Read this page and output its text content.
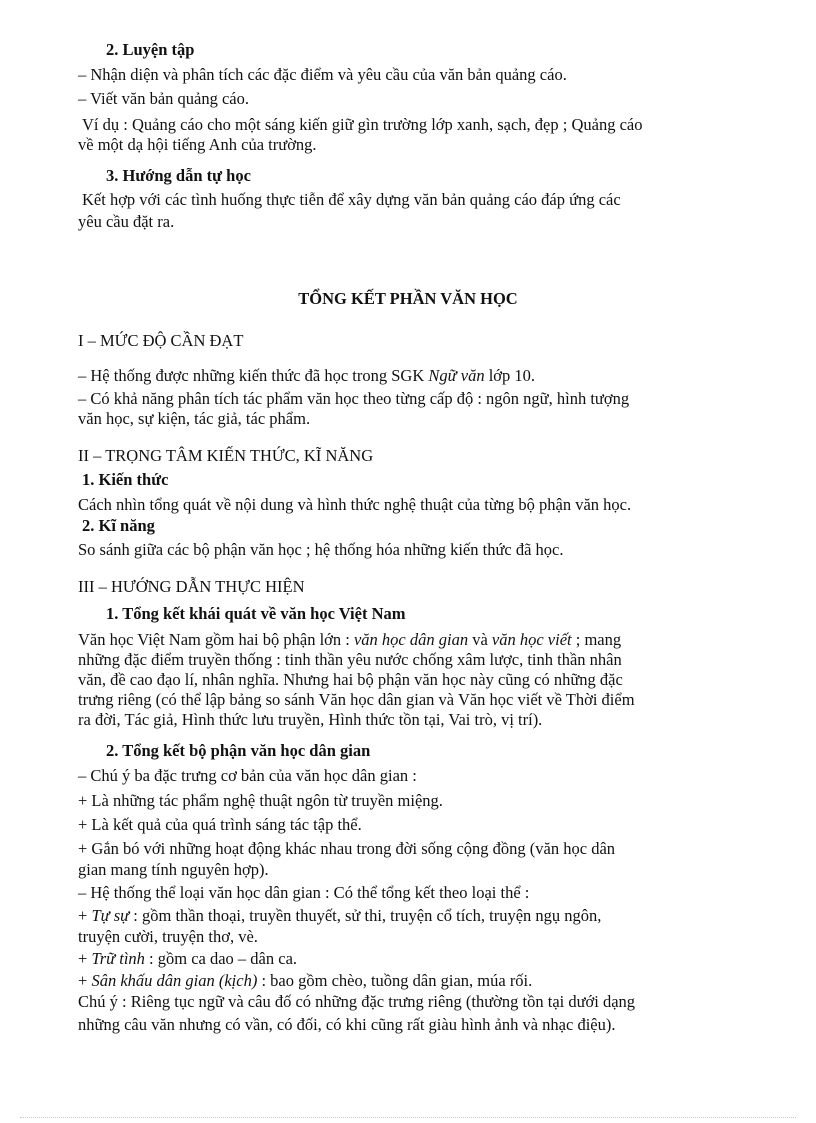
2. Luyện tập
– Nhận diện và phân tích các đặc điểm và yêu cầu của văn bản quảng cáo.
– Viết văn bản quảng cáo.
Ví dụ : Quảng cáo cho một sáng kiến giữ gìn trường lớp xanh, sạch, đẹp ; Quảng cáo
về một dạ hội tiếng Anh của trường.
3. Hướng dẫn tự học
Kết hợp với các tình huống thực tiễn để xây dựng văn bản quảng cáo đáp ứng các
yêu cầu đặt ra.
TỔNG KẾT PHẦN VĂN HỌC
I – MỨC ĐỘ CẦN ĐẠT
– Hệ thống được những kiến thức đã học trong SGK Ngữ văn lớp 10.
– Có khả năng phân tích tác phẩm văn học theo từng cấp độ : ngôn ngữ, hình tượng
văn học, sự kiện, tác giả, tác phẩm.
II – TRỌNG TÂM KIẾN THỨC, KĨ NĂNG
1. Kiến thức
Cách nhìn tổng quát về nội dung và hình thức nghệ thuật của từng bộ phận văn học.
2. Kĩ năng
So sánh giữa các bộ phận văn học ; hệ thống hóa những kiến thức đã học.
III – HƯỚNG DẪN THỰC HIỆN
1. Tổng kết khái quát về văn học Việt Nam
Văn học Việt Nam gồm hai bộ phận lớn : văn học dân gian và văn học viết ; mang
những đặc điểm truyền thống : tinh thần yêu nước chống xâm lược, tinh thần nhân
văn, đề cao đạo lí, nhân nghĩa. Nhưng hai bộ phận văn học này cũng có những đặc
trưng riêng (có thể lập bảng so sánh Văn học dân gian và Văn học viết về Thời điểm
ra đời, Tác giả, Hình thức lưu truyền, Hình thức tồn tại, Vai trò, vị trí).
2. Tổng kết bộ phận văn học dân gian
– Chú ý ba đặc trưng cơ bản của văn học dân gian :
+ Là những tác phẩm nghệ thuật ngôn từ truyền miệng.
+ Là kết quả của quá trình sáng tác tập thể.
+ Gắn bó với những hoạt động khác nhau trong đời sống cộng đồng (văn học dân
gian mang tính nguyên hợp).
– Hệ thống thể loại văn học dân gian : Có thể tổng kết theo loại thể :
+ Tự sự : gồm thần thoại, truyền thuyết, sử thi, truyện cổ tích, truyện ngụ ngôn,
truyện cười, truyện thơ, vè.
+ Trữ tình : gồm ca dao – dân ca.
+ Sân khấu dân gian (kịch) : bao gồm chèo, tuồng dân gian, múa rối.
Chú ý : Riêng tục ngữ và câu đố có những đặc trưng riêng (thường tồn tại dưới dạng
những câu văn nhưng có vần, có đối, có khi cũng rất giàu hình ảnh và nhạc điệu).
